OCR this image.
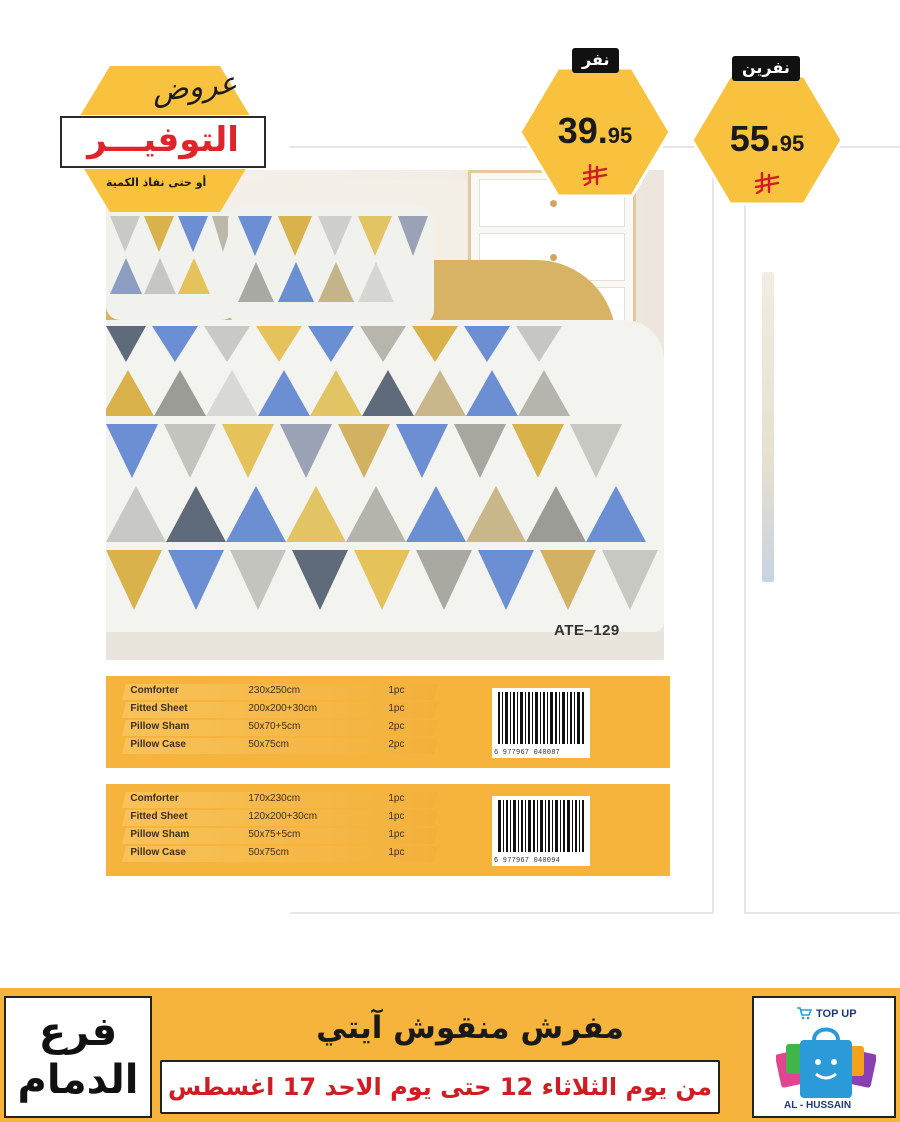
ATE–129
Comforter	230x250cm	1pc
Fitted Sheet	200x200+30cm	1pc
Pillow Sham	50x70+5cm	2pc
Pillow Case	50x75cm	2pc
6 977967 040087
Comforter	170x230cm	1pc
Fitted Sheet	120x200+30cm	1pc
Pillow Sham	50x75+5cm	1pc
Pillow Case	50x75cm	1pc
6 977967 040094
عروض
التوفيـــر
أو حتى نفاذ الكمية
نفر
39.95
نفرين
55.95
فرع
الدمام
مفرش منقوش آيتي
من يوم الثلاثاء 12 حتى يوم الاحد 17 اغسطس
TOP UP
AL - HUSSAIN
